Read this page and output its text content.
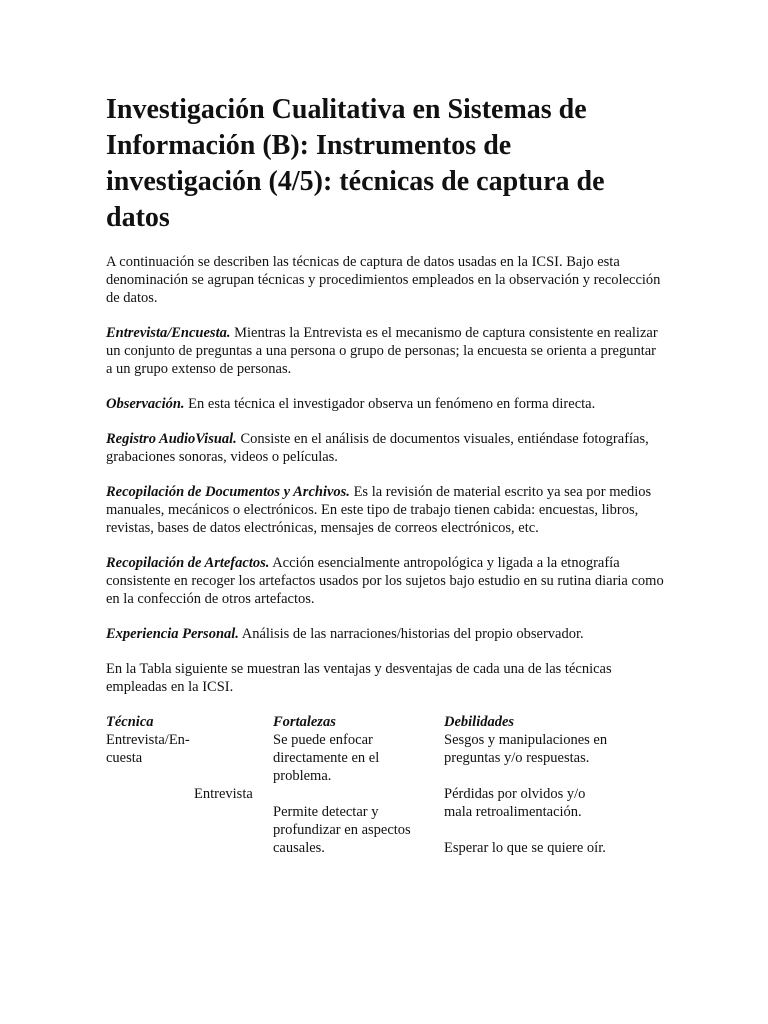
Investigación Cualitativa en Sistemas de Información (B): Instrumentos de investigación (4/5): técnicas de captura de datos

A continuación se describen las técnicas de captura de datos usadas en la ICSI. Bajo esta denominación se agrupan técnicas y procedimientos empleados en la observación y recolección de datos.

Entrevista/Encuesta. Mientras la Entrevista es el mecanismo de captura consistente en realizar un conjunto de preguntas a una persona o grupo de personas; la encuesta se orienta a preguntar a un grupo extenso de personas.

Observación. En esta técnica el investigador observa un fenómeno en forma directa.

Registro AudioVisual. Consiste en el análisis de documentos visuales, entiéndase fotografías, grabaciones sonoras, videos o películas.

Recopilación de Documentos y Archivos. Es la revisión de material escrito ya sea por medios manuales, mecánicos o electrónicos. En este tipo de trabajo tienen cabida: encuestas, libros, revistas, bases de datos electrónicas, mensajes de correos electrónicos, etc.

Recopilación de Artefactos. Acción esencialmente antropológica y ligada a la etnografía consistente en recoger los artefactos usados por los sujetos bajo estudio en su rutina diaria como en la confección de otros artefactos.

Experiencia Personal. Análisis de las narraciones/historias del propio observador.

En la Tabla siguiente se muestran las ventajas y desventajas de cada una de las técnicas empleadas en la ICSI.

Técnica
Entrevista/En-cuesta
Entrevista
Fortalezas
Se puede enfocar directamente en el problema.
Permite detectar y profundizar en aspectos causales.
Debilidades
Sesgos y manipulaciones en preguntas y/o respuestas.
Pérdidas por olvidos y/o mala retroalimentación.
Esperar lo que se quiere oír.
